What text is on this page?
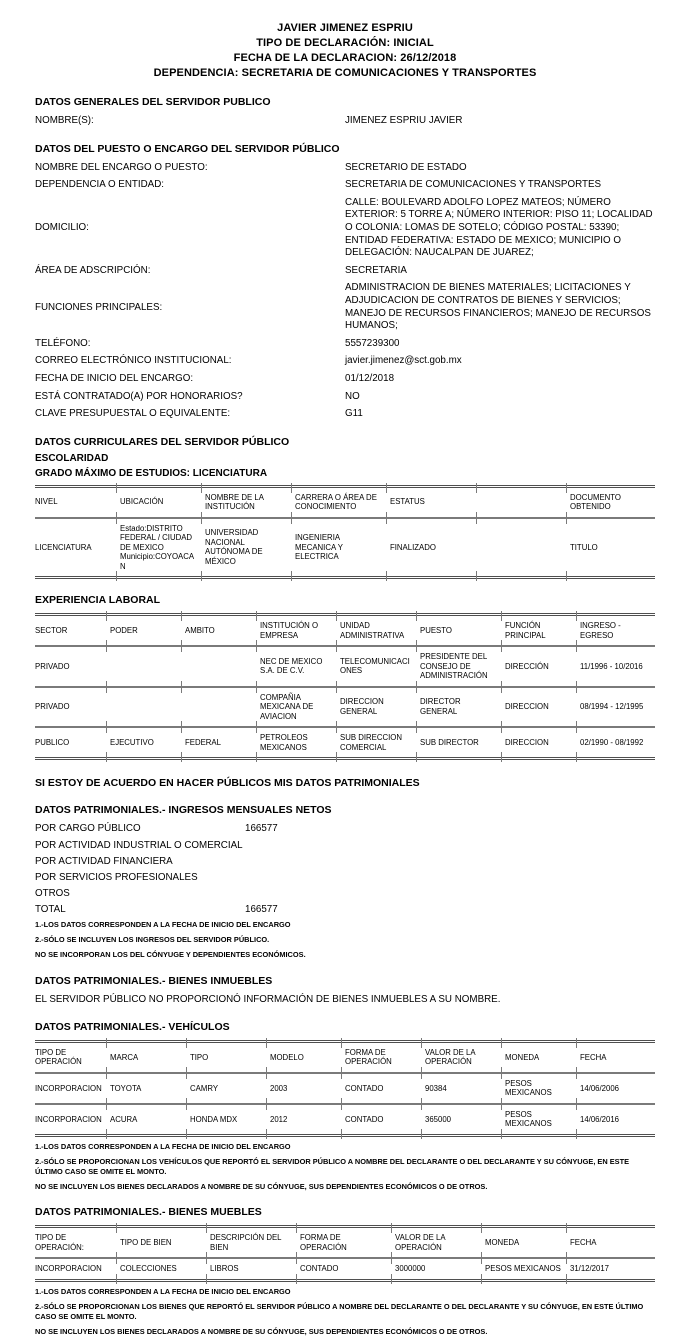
JAVIER JIMENEZ ESPRIU
TIPO DE DECLARACIÓN: INICIAL
FECHA DE LA DECLARACION: 26/12/2018
DEPENDENCIA: SECRETARIA DE COMUNICACIONES Y TRANSPORTES
DATOS GENERALES DEL SERVIDOR PUBLICO
NOMBRE(S):	JIMENEZ ESPRIU JAVIER
DATOS DEL PUESTO O ENCARGO DEL SERVIDOR PÚBLICO
NOMBRE DEL ENCARGO O PUESTO:	SECRETARIO DE ESTADO
DEPENDENCIA O ENTIDAD:	SECRETARIA DE COMUNICACIONES Y TRANSPORTES
DOMICILIO:
CALLE: BOULEVARD ADOLFO LOPEZ MATEOS; NÚMERO EXTERIOR: 5 TORRE A; NÚMERO INTERIOR: PISO 11; LOCALIDAD O COLONIA: LOMAS DE SOTELO; CÓDIGO POSTAL: 53390; ENTIDAD FEDERATIVA: ESTADO DE MEXICO; MUNICIPIO O DELEGACIÓN: NAUCALPAN DE JUAREZ;
ÁREA DE ADSCRIPCIÓN:	SECRETARIA
FUNCIONES PRINCIPALES:
ADMINISTRACION DE BIENES MATERIALES; LICITACIONES Y ADJUDICACION DE CONTRATOS DE BIENES Y SERVICIOS; MANEJO DE RECURSOS FINANCIEROS; MANEJO DE RECURSOS HUMANOS;
TELÉFONO:	5557239300
CORREO ELECTRÓNICO INSTITUCIONAL:	javier.jimenez@sct.gob.mx
FECHA DE INICIO DEL ENCARGO:	01/12/2018
ESTÁ CONTRATADO(A) POR HONORARIOS?	NO
CLAVE PRESUPUESTAL O EQUIVALENTE:	G11
DATOS CURRICULARES DEL SERVIDOR PÚBLICO
ESCOLARIDAD
GRADO MÁXIMO DE ESTUDIOS: LICENCIATURA
NIVEL	UBICACIÓN	NOMBRE DE LA INSTITUCIÓN	CARRERA O ÁREA DE CONOCIMIENTO	ESTATUS		DOCUMENTO OBTENIDO
LICENCIATURA	Estado:DISTRITO FEDERAL / CIUDAD DE MEXICO Municipio:COYOACAN	UNIVERSIDAD NACIONAL AUTÓNOMA DE MÉXICO	INGENIERIA MECANICA Y ELECTRICA	FINALIZADO		TITULO
EXPERIENCIA LABORAL
SECTOR	PODER	AMBITO	INSTITUCIÓN O EMPRESA	UNIDAD ADMINISTRATIVA	PUESTO	FUNCIÓN PRINCIPAL	INGRESO - EGRESO
PRIVADO			NEC DE MEXICO S.A. DE C.V.	TELECOMUNICACIONES	PRESIDENTE DEL CONSEJO DE ADMINISTRACIÓN	DIRECCIÓN	11/1996 - 10/2016
PRIVADO			COMPAÑIA MEXICANA DE AVIACION	DIRECCION GENERAL	DIRECTOR GENERAL	DIRECCION	08/1994 - 12/1995
PUBLICO	EJECUTIVO	FEDERAL	PETROLEOS MEXICANOS	SUB DIRECCION COMERCIAL	SUB DIRECTOR	DIRECCION	02/1990 - 08/1992
SI ESTOY DE ACUERDO EN HACER PÚBLICOS MIS DATOS PATRIMONIALES
DATOS PATRIMONIALES.- INGRESOS MENSUALES NETOS
POR CARGO PÚBLICO	166577
POR ACTIVIDAD INDUSTRIAL O COMERCIAL
POR ACTIVIDAD FINANCIERA
POR SERVICIOS PROFESIONALES
OTROS
TOTAL	166577
1.-LOS DATOS CORRESPONDEN A LA FECHA DE INICIO DEL ENCARGO
2.-SÓLO SE INCLUYEN LOS INGRESOS DEL SERVIDOR PÚBLICO.
NO SE INCORPORAN LOS DEL CÓNYUGE Y DEPENDIENTES ECONÓMICOS.
DATOS PATRIMONIALES.- BIENES INMUEBLES
EL SERVIDOR PÚBLICO NO PROPORCIONÓ INFORMACIÓN DE BIENES INMUEBLES A SU NOMBRE.
DATOS PATRIMONIALES.- VEHÍCULOS
TIPO DE OPERACIÓN	MARCA	TIPO	MODELO	FORMA DE OPERACIÓN	VALOR DE LA OPERACIÓN	MONEDA	FECHA
INCORPORACION	TOYOTA	CAMRY	2003	CONTADO	90384	PESOS MEXICANOS	14/06/2006
INCORPORACION	ACURA	HONDA MDX	2012	CONTADO	365000	PESOS MEXICANOS	14/06/2016
1.-LOS DATOS CORRESPONDEN A LA FECHA DE INICIO DEL ENCARGO
2.-SÓLO SE PROPORCIONAN LOS VEHÍCULOS QUE REPORTÓ EL SERVIDOR PÚBLICO A NOMBRE DEL DECLARANTE O DEL DECLARANTE Y SU CÓNYUGE, EN ESTE ÚLTIMO CASO SE OMITE EL MONTO.
NO SE INCLUYEN LOS BIENES DECLARADOS A NOMBRE DE SU CÓNYUGE, SUS DEPENDIENTES ECONÓMICOS O DE OTROS.
DATOS PATRIMONIALES.- BIENES MUEBLES
TIPO DE OPERACIÓN:	TIPO DE BIEN	DESCRIPCIÓN DEL BIEN	FORMA DE OPERACIÓN	VALOR DE LA OPERACIÓN	MONEDA	FECHA
INCORPORACION	COLECCIONES	LIBROS	CONTADO	3000000	PESOS MEXICANOS	31/12/2017
1.-LOS DATOS CORRESPONDEN A LA FECHA DE INICIO DEL ENCARGO
2.-SÓLO SE PROPORCIONAN LOS BIENES QUE REPORTÓ EL SERVIDOR PÚBLICO A NOMBRE DEL DECLARANTE O DEL DECLARANTE Y SU CÓNYUGE, EN ESTE ÚLTIMO CASO SE OMITE EL MONTO.
NO SE INCLUYEN LOS BIENES DECLARADOS A NOMBRE DE SU CÓNYUGE, SUS DEPENDIENTES ECONÓMICOS O DE OTROS.
